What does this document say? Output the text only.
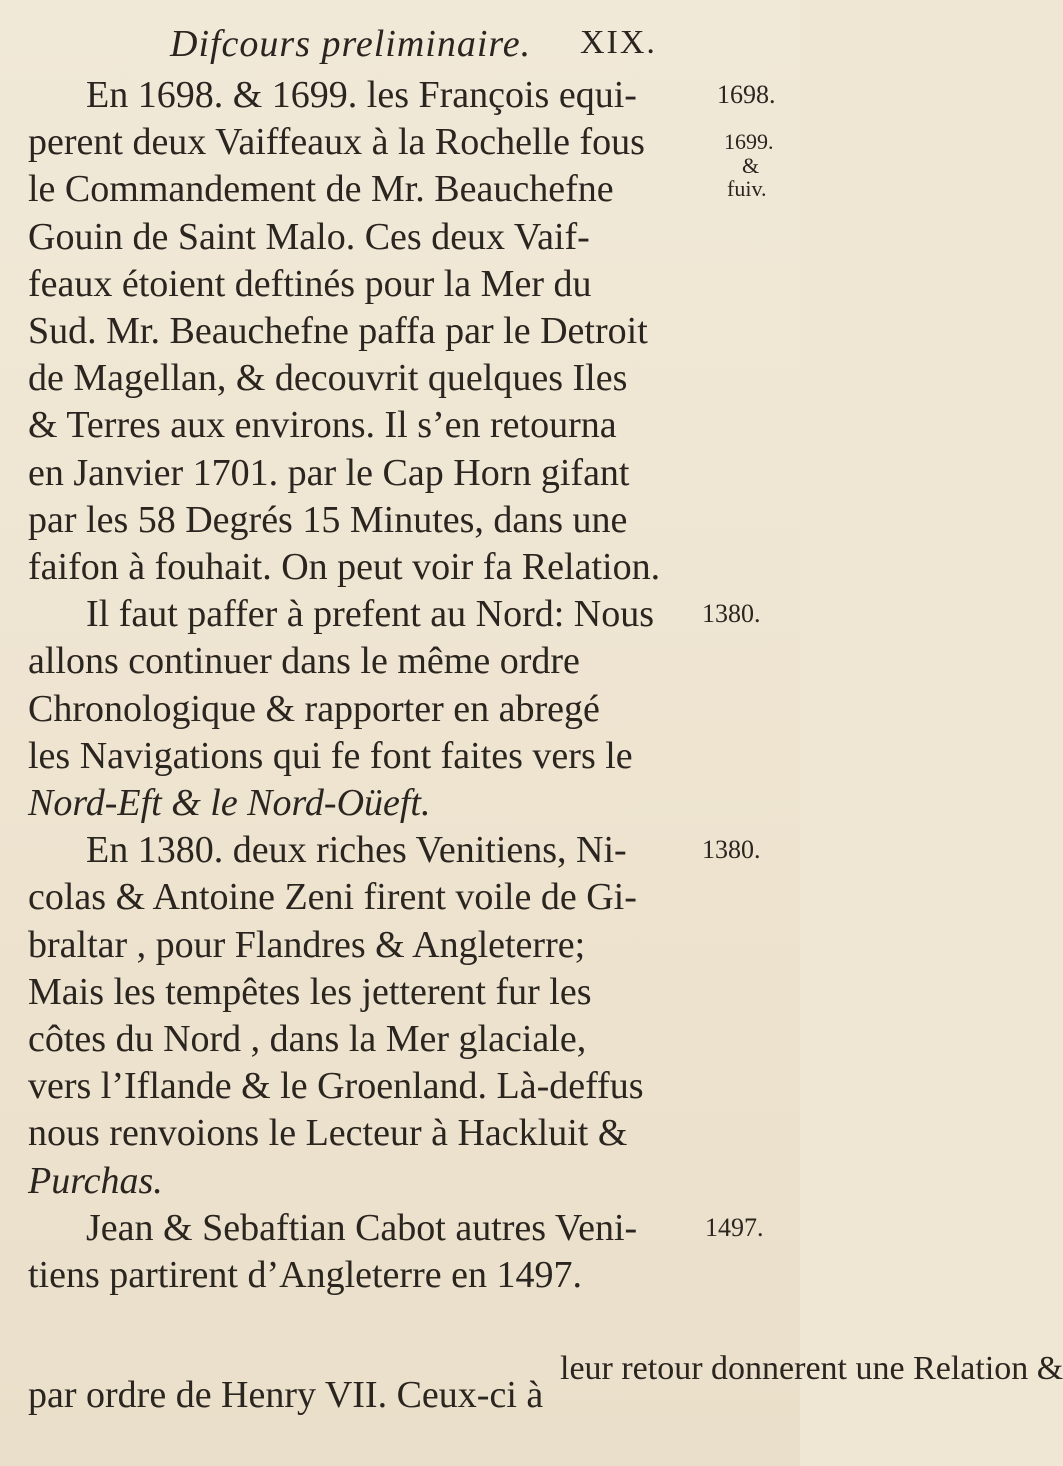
Difcours preliminaire. XIX.
En 1698. & 1699. les François equi-
perent deux Vaiffeaux à la Rochelle fous
le Commandement de Mr. Beauchefne
Gouin de Saint Malo. Ces deux Vaif-
feaux étoient deftinés pour la Mer du
Sud. Mr. Beauchefne paffa par le Detroit
de Magellan, & decouvrit quelques Iles
& Terres aux environs. Il s’en retourna
en Janvier 1701. par le Cap Horn gifant
par les 58 Degrés 15 Minutes, dans une
faifon à fouhait. On peut voir fa Relation.
Il faut paffer à prefent au Nord: Nous
allons continuer dans le même ordre
Chronologique & rapporter en abregé
les Navigations qui fe font faites vers le
Nord-Eft & le Nord-Oüeft.
En 1380. deux riches Venitiens, Ni-
colas & Antoine Zeni firent voile de Gi-
braltar , pour Flandres & Angleterre;
Mais les tempêtes les jetterent fur les
côtes du Nord , dans la Mer glaciale,
vers l’Iflande & le Groenland. Là-deffus
nous renvoions le Lecteur à Hackluit &
Purchas.
Jean & Sebaftian Cabot autres Veni-
tiens partirent d’Angleterre en 1497.
par ordre de Henry VII. Ceux-ci à
leur retour donnerent une Relation &
1698.
1699.
&
fuiv.
1380.
1380.
1497.
